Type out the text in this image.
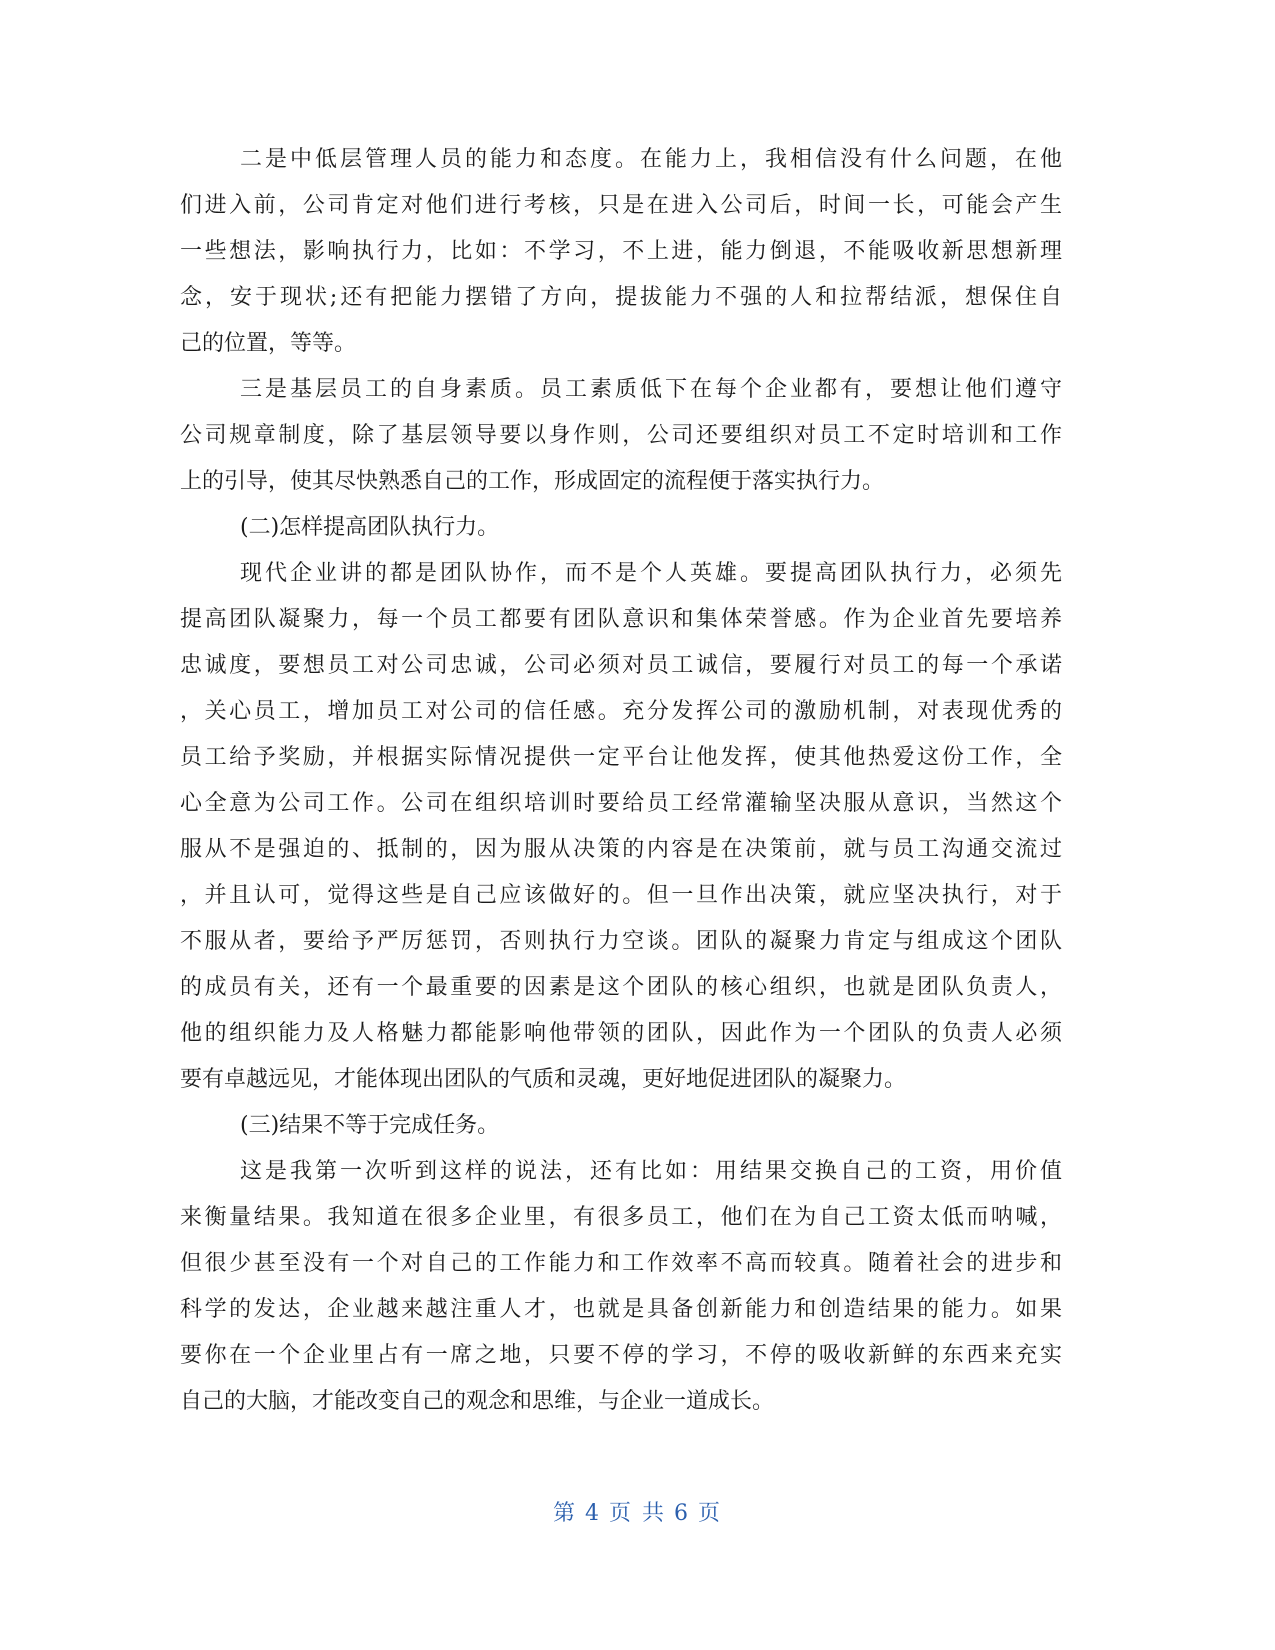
二是中低层管理人员的能力和态度。在能力上，我相信没有什么问题，在他
们进入前，公司肯定对他们进行考核，只是在进入公司后，时间一长，可能会产生
一些想法，影响执行力，比如：不学习，不上进，能力倒退，不能吸收新思想新理
念，安于现状;还有把能力摆错了方向，提拔能力不强的人和拉帮结派，想保住自
己的位置，等等。
三是基层员工的自身素质。员工素质低下在每个企业都有，要想让他们遵守
公司规章制度，除了基层领导要以身作则，公司还要组织对员工不定时培训和工作
上的引导，使其尽快熟悉自己的工作，形成固定的流程便于落实执行力。
(二)怎样提高团队执行力。
现代企业讲的都是团队协作，而不是个人英雄。要提高团队执行力，必须先
提高团队凝聚力，每一个员工都要有团队意识和集体荣誉感。作为企业首先要培养
忠诚度，要想员工对公司忠诚，公司必须对员工诚信，要履行对员工的每一个承诺
，关心员工，增加员工对公司的信任感。充分发挥公司的激励机制，对表现优秀的
员工给予奖励，并根据实际情况提供一定平台让他发挥，使其他热爱这份工作，全
心全意为公司工作。公司在组织培训时要给员工经常灌输坚决服从意识，当然这个
服从不是强迫的、抵制的，因为服从决策的内容是在决策前，就与员工沟通交流过
，并且认可，觉得这些是自己应该做好的。但一旦作出决策，就应坚决执行，对于
不服从者，要给予严厉惩罚，否则执行力空谈。团队的凝聚力肯定与组成这个团队
的成员有关，还有一个最重要的因素是这个团队的核心组织，也就是团队负责人，
他的组织能力及人格魅力都能影响他带领的团队，因此作为一个团队的负责人必须
要有卓越远见，才能体现出团队的气质和灵魂，更好地促进团队的凝聚力。
(三)结果不等于完成任务。
这是我第一次听到这样的说法，还有比如：用结果交换自己的工资，用价值
来衡量结果。我知道在很多企业里，有很多员工，他们在为自己工资太低而呐喊，
但很少甚至没有一个对自己的工作能力和工作效率不高而较真。随着社会的进步和
科学的发达，企业越来越注重人才，也就是具备创新能力和创造结果的能力。如果
要你在一个企业里占有一席之地，只要不停的学习，不停的吸收新鲜的东西来充实
自己的大脑，才能改变自己的观念和思维，与企业一道成长。
第 4 页 共 6 页
